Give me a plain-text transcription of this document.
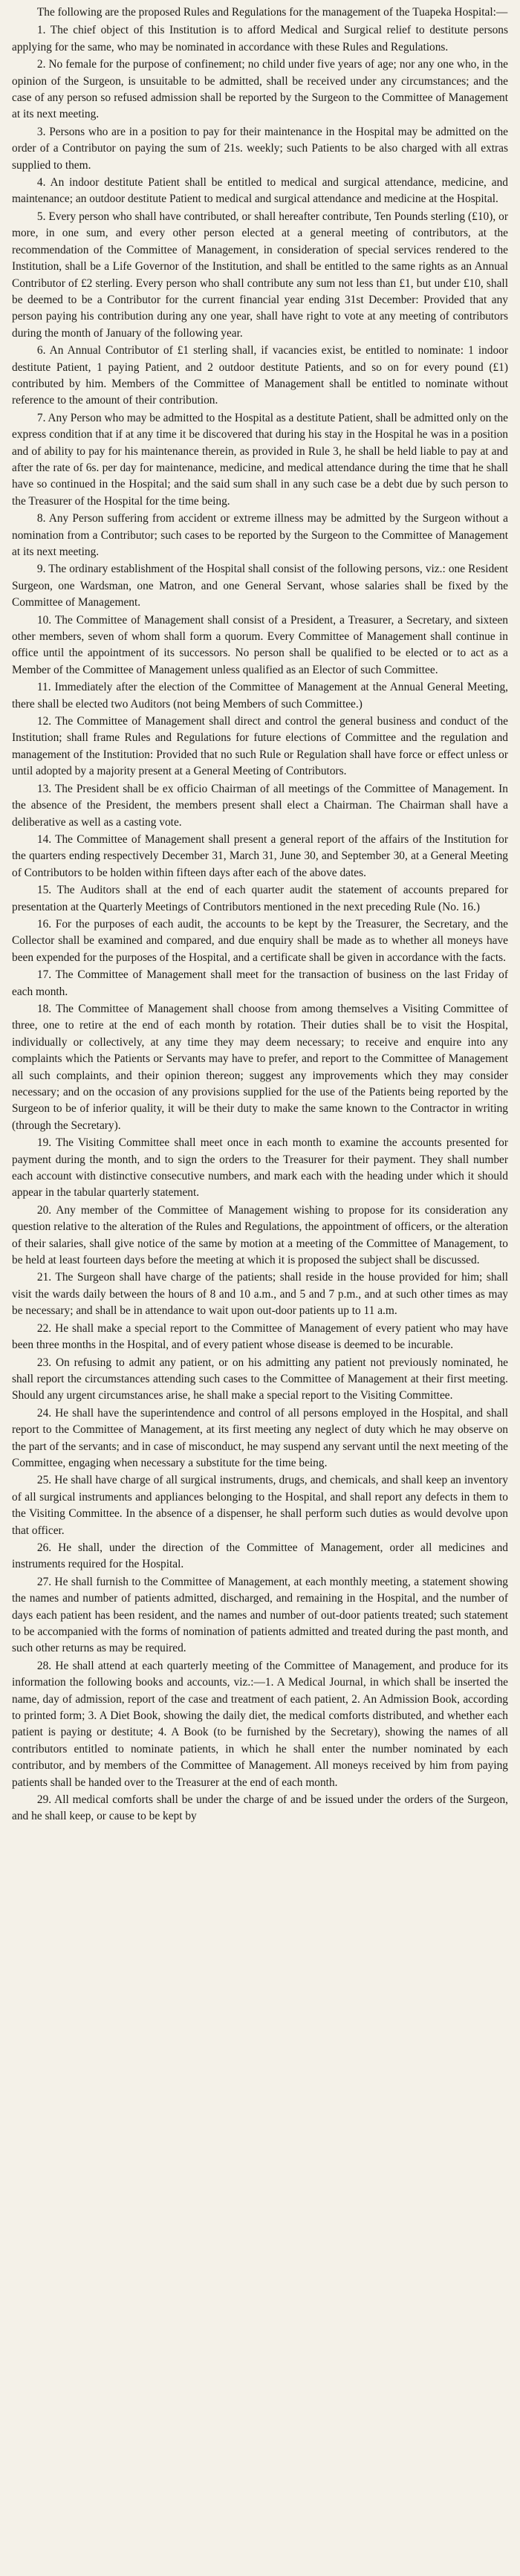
The following are the proposed Rules and Regulations for the management of the Tuapeka Hospital:—

1. The chief object of this Institution is to afford Medical and Surgical relief to destitute persons applying for the same, who may be nominated in accordance with these Rules and Regulations.

2. No female for the purpose of confinement; no child under five years of age; nor any one who, in the opinion of the Surgeon, is unsuitable to be admitted, shall be received under any circumstances; and the case of any person so refused admission shall be reported by the Surgeon to the Committee of Management at its next meeting.

3. Persons who are in a position to pay for their maintenance in the Hospital may be admitted on the order of a Contributor on paying the sum of 21s. weekly; such Patients to be also charged with all extras supplied to them.

4. An indoor destitute Patient shall be entitled to medical and surgical attendance, medicine, and maintenance; an outdoor destitute Patient to medical and surgical attendance and medicine at the Hospital.

5. Every person who shall have contributed, or shall hereafter contribute, Ten Pounds sterling (£10), or more, in one sum, and every other person elected at a general meeting of contributors, at the recommendation of the Committee of Management, in consideration of special services rendered to the Institution, shall be a Life Governor of the Institution, and shall be entitled to the same rights as an Annual Contributor of £2 sterling. Every person who shall contribute any sum not less than £1, but under £10, shall be deemed to be a Contributor for the current financial year ending 31st December: Provided that any person paying his contribution during any one year, shall have right to vote at any meeting of contributors during the month of January of the following year.

6. An Annual Contributor of £1 sterling shall, if vacancies exist, be entitled to nominate: 1 indoor destitute Patient, 1 paying Patient, and 2 outdoor destitute Patients, and so on for every pound (£1) contributed by him. Members of the Committee of Management shall be entitled to nominate without reference to the amount of their contribution.

7. Any Person who may be admitted to the Hospital as a destitute Patient, shall be admitted only on the express condition that if at any time it be discovered that during his stay in the Hospital he was in a position and of ability to pay for his maintenance therein, as provided in Rule 3, he shall be held liable to pay at and after the rate of 6s. per day for maintenance, medicine, and medical attendance during the time that he shall have so continued in the Hospital; and the said sum shall in any such case be a debt due by such person to the Treasurer of the Hospital for the time being.

8. Any Person suffering from accident or extreme illness may be admitted by the Surgeon without a nomination from a Contributor; such cases to be reported by the Surgeon to the Committee of Management at its next meeting.

9. The ordinary establishment of the Hospital shall consist of the following persons, viz.: one Resident Surgeon, one Wardsman, one Matron, and one General Servant, whose salaries shall be fixed by the Committee of Management.

10. The Committee of Management shall consist of a President, a Treasurer, a Secretary, and sixteen other members, seven of whom shall form a quorum. Every Committee of Management shall continue in office until the appointment of its successors. No person shall be qualified to be elected or to act as a Member of the Committee of Management unless qualified as an Elector of such Committee.

11. Immediately after the election of the Committee of Management at the Annual General Meeting, there shall be elected two Auditors (not being Members of such Committee.)

12. The Committee of Management shall direct and control the general business and conduct of the Institution; shall frame Rules and Regulations for future elections of Committee and the regulation and management of the Institution: Provided that no such Rule or Regulation shall have force or effect unless or until adopted by a majority present at a General Meeting of Contributors.

13. The President shall be ex officio Chairman of all meetings of the Committee of Management. In the absence of the President, the members present shall elect a Chairman. The Chairman shall have a deliberative as well as a casting vote.

14. The Committee of Management shall present a general report of the affairs of the Institution for the quarters ending respectively December 31, March 31, June 30, and September 30, at a General Meeting of Contributors to be holden within fifteen days after each of the above dates.

15. The Auditors shall at the end of each quarter audit the statement of accounts prepared for presentation at the Quarterly Meetings of Contributors mentioned in the next preceding Rule (No. 16.)

16. For the purposes of each audit, the accounts to be kept by the Treasurer, the Secretary, and the Collector shall be examined and compared, and due enquiry shall be made as to whether all moneys have been expended for the purposes of the Hospital, and a certificate shall be given in accordance with the facts.

17. The Committee of Management shall meet for the transaction of business on the last Friday of each month.

18. The Committee of Management shall choose from among themselves a Visiting Committee of three, one to retire at the end of each month by rotation. Their duties shall be to visit the Hospital, individually or collectively, at any time they may deem necessary; to receive and enquire into any complaints which the Patients or Servants may have to prefer, and report to the Committee of Management all such complaints, and their opinion thereon; suggest any improvements which they may consider necessary; and on the occasion of any provisions supplied for the use of the Patients being reported by the Surgeon to be of inferior quality, it will be their duty to make the same known to the Contractor in writing (through the Secretary).

19. The Visiting Committee shall meet once in each month to examine the accounts presented for payment during the month, and to sign the orders to the Treasurer for their payment. They shall number each account with distinctive consecutive numbers, and mark each with the heading under which it should appear in the tabular quarterly statement.

20. Any member of the Committee of Management wishing to propose for its consideration any question relative to the alteration of the Rules and Regulations, the appointment of officers, or the alteration of their salaries, shall give notice of the same by motion at a meeting of the Committee of Management, to be held at least fourteen days before the meeting at which it is proposed the subject shall be discussed.

21. The Surgeon shall have charge of the patients; shall reside in the house provided for him; shall visit the wards daily between the hours of 8 and 10 a.m., and 5 and 7 p.m., and at such other times as may be necessary; and shall be in attendance to wait upon out-door patients up to 11 a.m.

22. He shall make a special report to the Committee of Management of every patient who may have been three months in the Hospital, and of every patient whose disease is deemed to be incurable.

23. On refusing to admit any patient, or on his admitting any patient not previously nominated, he shall report the circumstances attending such cases to the Committee of Management at their first meeting. Should any urgent circumstances arise, he shall make a special report to the Visiting Committee.

24. He shall have the superintendence and control of all persons employed in the Hospital, and shall report to the Committee of Management, at its first meeting any neglect of duty which he may observe on the part of the servants; and in case of misconduct, he may suspend any servant until the next meeting of the Committee, engaging when necessary a substitute for the time being.

25. He shall have charge of all surgical instruments, drugs, and chemicals, and shall keep an inventory of all surgical instruments and appliances belonging to the Hospital, and shall report any defects in them to the Visiting Committee. In the absence of a dispenser, he shall perform such duties as would devolve upon that officer.

26. He shall, under the direction of the Committee of Management, order all medicines and instruments required for the Hospital.

27. He shall furnish to the Committee of Management, at each monthly meeting, a statement showing the names and number of patients admitted, discharged, and remaining in the Hospital, and the number of days each patient has been resident, and the names and number of out-door patients treated; such statement to be accompanied with the forms of nomination of patients admitted and treated during the past month, and such other returns as may be required.

28. He shall attend at each quarterly meeting of the Committee of Management, and produce for its information the following books and accounts, viz.:—1. A Medical Journal, in which shall be inserted the name, day of admission, report of the case and treatment of each patient, 2. An Admission Book, according to printed form; 3. A Diet Book, showing the daily diet, the medical comforts distributed, and whether each patient is paying or destitute; 4. A Book (to be furnished by the Secretary), showing the names of all contributors entitled to nominate patients, in which he shall enter the number nominated by each contributor, and by members of the Committee of Management. All moneys received by him from paying patients shall be handed over to the Treasurer at the end of each month.

29. All medical comforts shall be under the charge of and be issued under the orders of the Surgeon, and he shall keep, or cause to be kept by
